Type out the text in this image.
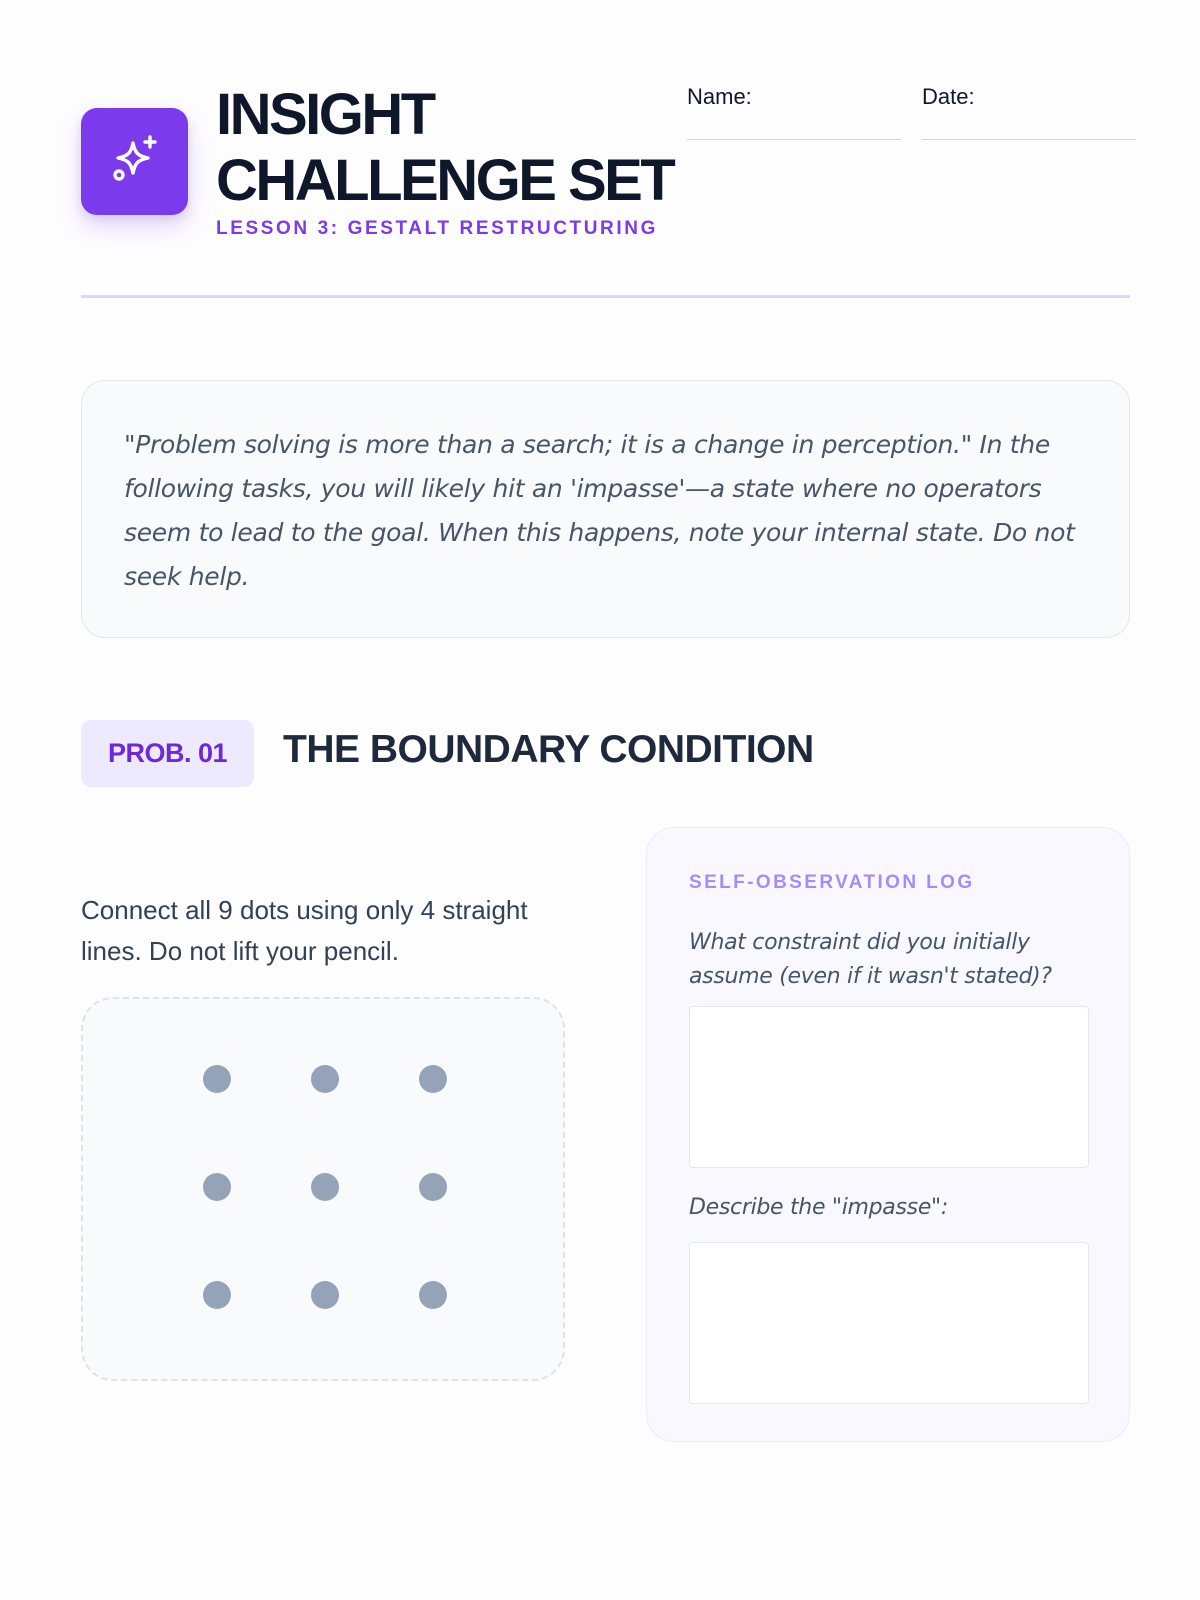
INSIGHT
CHALLENGE SET
LESSON 3: GESTALT RESTRUCTURING
Name:	Date:

"Problem solving is more than a search; it is a change in perception." In the following tasks, you will likely hit an 'impasse'—a state where no operators seem to lead to the goal. When this happens, note your internal state. Do not seek help.

PROB. 01	THE BOUNDARY CONDITION
Connect all 9 dots using only 4 straight lines. Do not lift your pencil.
SELF-OBSERVATION LOG
What constraint did you initially assume (even if it wasn't stated)?
Describe the "impasse":
